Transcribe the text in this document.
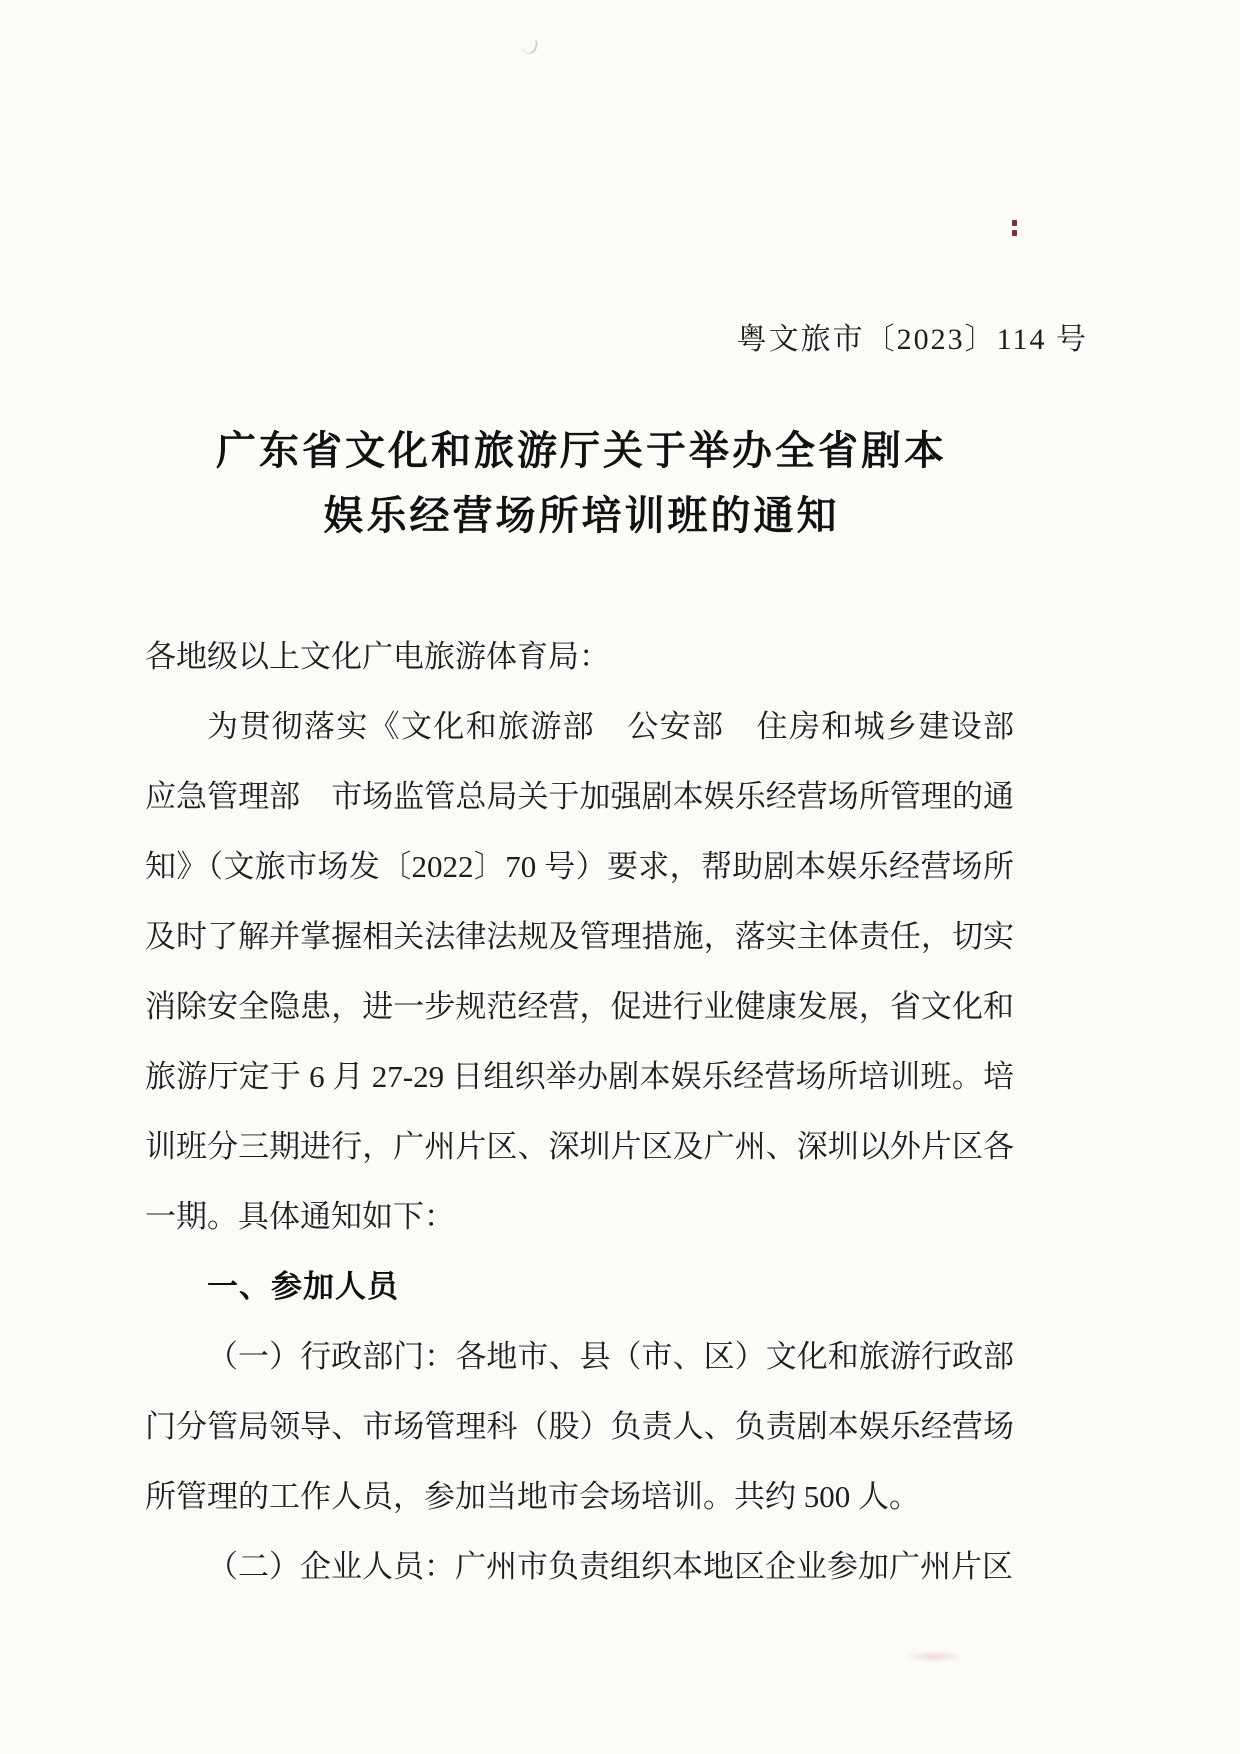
粤文旅市〔2023〕114 号
广东省文化和旅游厅关于举办全省剧本
娱乐经营场所培训班的通知

各地级以上文化广电旅游体育局：

为贯彻落实《文化和旅游部　公安部　住房和城乡建设部　应急管理部　市场监管总局关于加强剧本娱乐经营场所管理的通知》（文旅市场发〔2022〕70 号）要求，帮助剧本娱乐经营场所及时了解并掌握相关法律法规及管理措施，落实主体责任，切实消除安全隐患，进一步规范经营，促进行业健康发展，省文化和旅游厅定于 6 月 27-29 日组织举办剧本娱乐经营场所培训班。培训班分三期进行，广州片区、深圳片区及广州、深圳以外片区各一期。具体通知如下：

一、参加人员

（一）行政部门：各地市、县（市、区）文化和旅游行政部门分管局领导、市场管理科（股）负责人、负责剧本娱乐经营场所管理的工作人员，参加当地市会场培训。共约 500 人。

（二）企业人员：广州市负责组织本地区企业参加广州片区
